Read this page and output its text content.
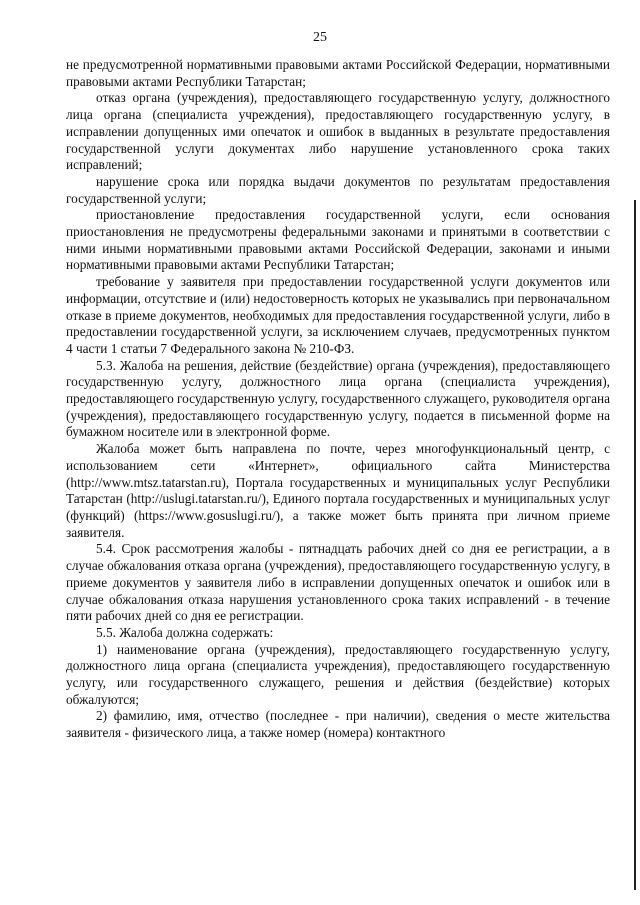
25

не предусмотренной нормативными правовыми актами Российской Федерации, нормативными правовыми актами Республики Татарстан;

отказ органа (учреждения), предоставляющего государственную услугу, должностного лица органа (специалиста учреждения), предоставляющего государственную услугу, в исправлении допущенных ими опечаток и ошибок в выданных в результате предоставления государственной услуги документах либо нарушение установленного срока таких исправлений;

нарушение срока или порядка выдачи документов по результатам предоставления государственной услуги;

приостановление предоставления государственной услуги, если основания приостановления не предусмотрены федеральными законами и принятыми в соответствии с ними иными нормативными правовыми актами Российской Федерации, законами и иными нормативными правовыми актами Республики Татарстан;

требование у заявителя при предоставлении государственной услуги документов или информации, отсутствие и (или) недостоверность которых не указывались при первоначальном отказе в приеме документов, необходимых для предоставления государственной услуги, либо в предоставлении государственной услуги, за исключением случаев, предусмотренных пунктом 4 части 1 статьи 7 Федерального закона № 210-ФЗ.

5.3. Жалоба на решения, действие (бездействие) органа (учреждения), предоставляющего государственную услугу, должностного лица органа (специалиста учреждения), предоставляющего государственную услугу, государственного служащего, руководителя органа (учреждения), предоставляющего государственную услугу, подается в письменной форме на бумажном носителе или в электронной форме.

Жалоба может быть направлена по почте, через многофункциональный центр, с использованием сети «Интернет», официального сайта Министерства (http://www.mtsz.tatarstan.ru), Портала государственных и муниципальных услуг Республики Татарстан (http://uslugi.tatarstan.ru/), Единого портала государственных и муниципальных услуг (функций) (https://www.gosuslugi.ru/), а также может быть принята при личном приеме заявителя.

5.4. Срок рассмотрения жалобы - пятнадцать рабочих дней со дня ее регистрации, а в случае обжалования отказа органа (учреждения), предоставляющего государственную услугу, в приеме документов у заявителя либо в исправлении допущенных опечаток и ошибок или в случае обжалования отказа нарушения установленного срока таких исправлений - в течение пяти рабочих дней со дня ее регистрации.

5.5. Жалоба должна содержать:

1) наименование органа (учреждения), предоставляющего государственную услугу, должностного лица органа (специалиста учреждения), предоставляющего государственную услугу, или государственного служащего, решения и действия (бездействие) которых обжалуются;

2) фамилию, имя, отчество (последнее - при наличии), сведения о месте жительства заявителя - физического лица, а также номер (номера) контактного
